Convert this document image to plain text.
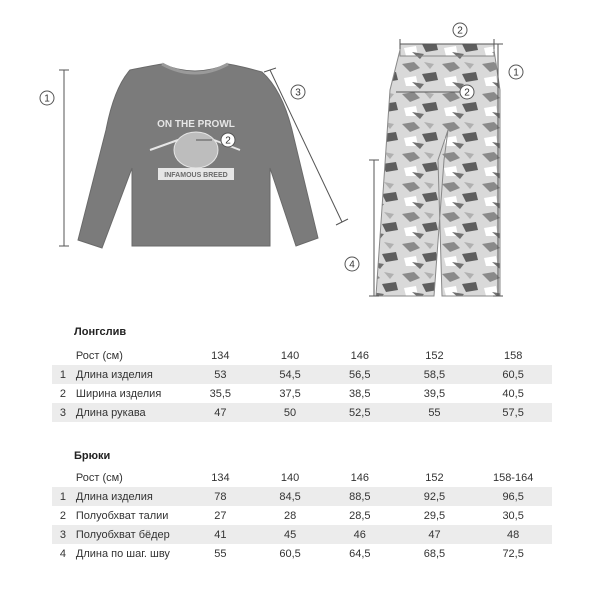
ON THE PROWL
INFAMOUS BREED
1
2
3
1
2
2
4
Лонгслив
	Рост (см)	134	140	146	152	158
1	Длина изделия	53	54,5	56,5	58,5	60,5
2	Ширина изделия	35,5	37,5	38,5	39,5	40,5
3	Длина рукава	47	50	52,5	55	57,5
Брюки
	Рост (см)	134	140	146	152	158-164
1	Длина изделия	78	84,5	88,5	92,5	96,5
2	Полуобхват талии	27	28	28,5	29,5	30,5
3	Полуобхват бёдер	41	45	46	47	48
4	Длина по шаг. шву	55	60,5	64,5	68,5	72,5
